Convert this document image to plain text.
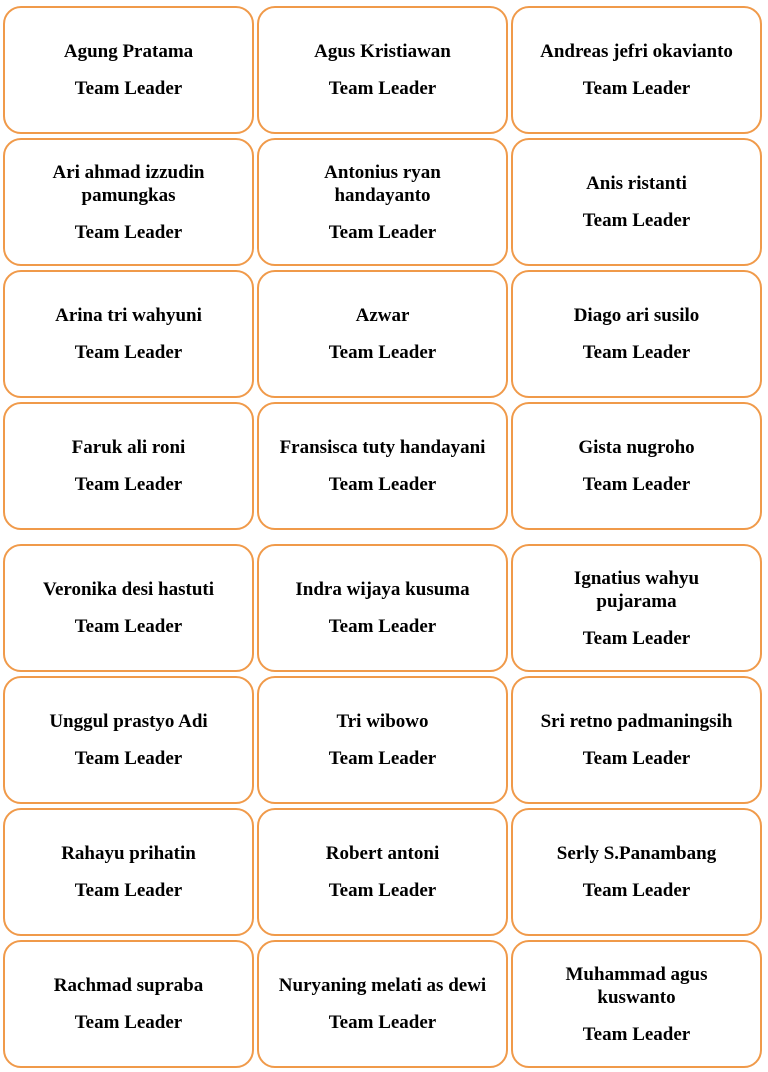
Agung Pratama
Team Leader
Agus Kristiawan
Team Leader
Andreas jefri okavianto
Team Leader
Ari ahmad izzudin pamungkas
Team Leader
Antonius ryan handayanto
Team Leader
Anis ristanti
Team Leader
Arina tri wahyuni
Team Leader
Azwar
Team Leader
Diago ari susilo
Team Leader
Faruk ali roni
Team Leader
Fransisca tuty handayani
Team Leader
Gista nugroho
Team Leader
Veronika desi hastuti
Team Leader
Indra wijaya kusuma
Team Leader
Ignatius wahyu pujarama
Team Leader
Unggul prastyo Adi
Team Leader
Tri wibowo
Team Leader
Sri retno padmaningsih
Team Leader
Rahayu prihatin
Team Leader
Robert antoni
Team Leader
Serly S.Panambang
Team Leader
Rachmad supraba
Team Leader
Nuryaning melati as dewi
Team Leader
Muhammad agus kuswanto
Team Leader
